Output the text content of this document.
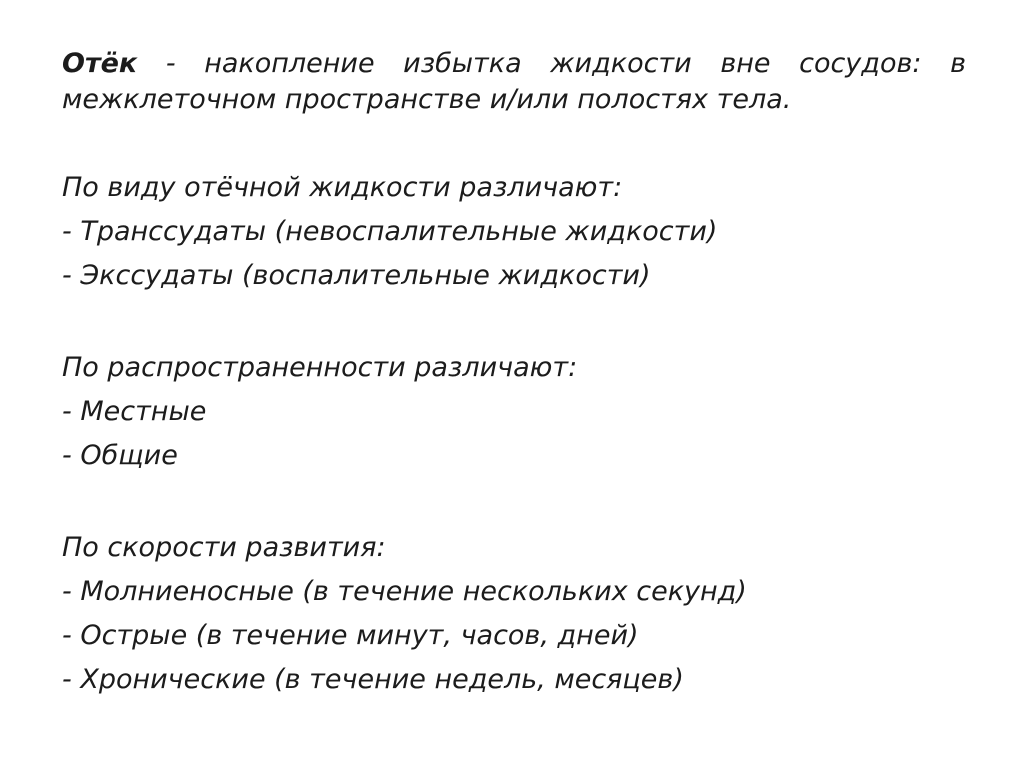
Отёк - накопление избытка жидкости вне сосудов: в межклеточном пространстве и/или полостях тела.

По виду отёчной жидкости различают:

- Транссудаты (невоспалительные жидкости)

- Экссудаты (воспалительные жидкости)

По распространенности различают:

- Местные

- Общие

По скорости развития:

- Молниеносные (в течение нескольких секунд)

- Острые (в течение минут, часов, дней)

- Хронические (в течение недель, месяцев)
